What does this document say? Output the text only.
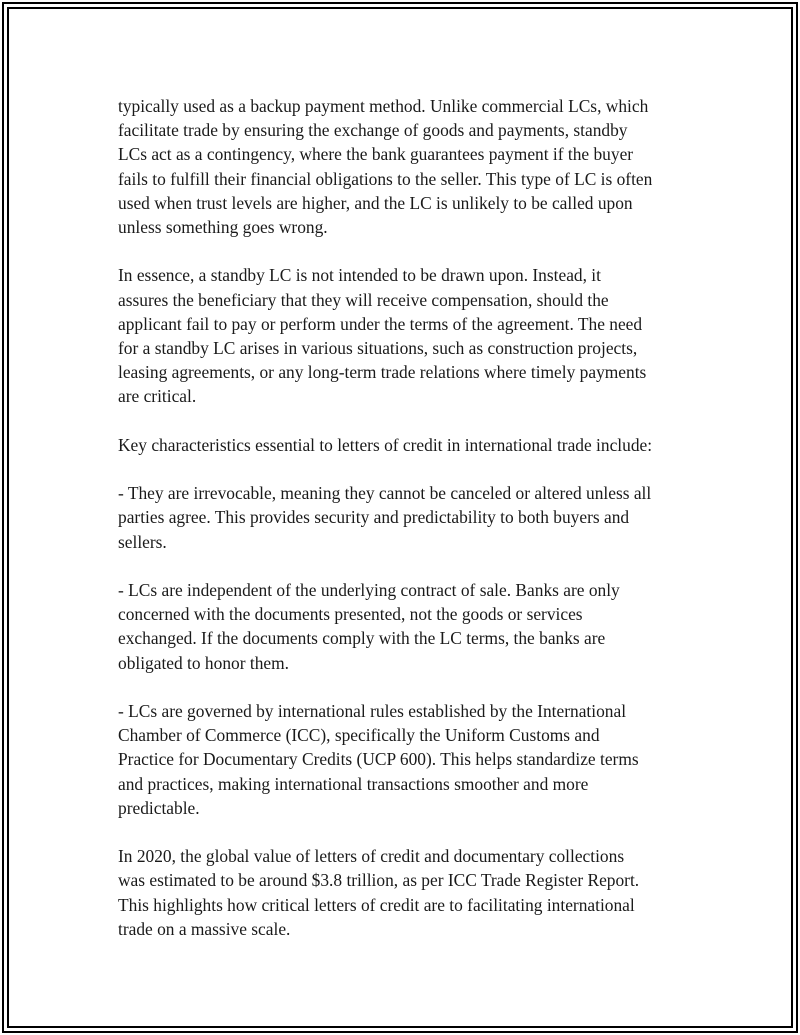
typically used as a backup payment method. Unlike commercial LCs, which
facilitate trade by ensuring the exchange of goods and payments, standby
LCs act as a contingency, where the bank guarantees payment if the buyer
fails to fulfill their financial obligations to the seller. This type of LC is often
used when trust levels are higher, and the LC is unlikely to be called upon
unless something goes wrong.

In essence, a standby LC is not intended to be drawn upon. Instead, it
assures the beneficiary that they will receive compensation, should the
applicant fail to pay or perform under the terms of the agreement. The need
for a standby LC arises in various situations, such as construction projects,
leasing agreements, or any long-term trade relations where timely payments
are critical.

Key characteristics essential to letters of credit in international trade include:

- They are irrevocable, meaning they cannot be canceled or altered unless all
parties agree. This provides security and predictability to both buyers and
sellers.

- LCs are independent of the underlying contract of sale. Banks are only
concerned with the documents presented, not the goods or services
exchanged. If the documents comply with the LC terms, the banks are
obligated to honor them.

- LCs are governed by international rules established by the International
Chamber of Commerce (ICC), specifically the Uniform Customs and
Practice for Documentary Credits (UCP 600). This helps standardize terms
and practices, making international transactions smoother and more
predictable.

In 2020, the global value of letters of credit and documentary collections
was estimated to be around $3.8 trillion, as per ICC Trade Register Report.
This highlights how critical letters of credit are to facilitating international
trade on a massive scale.
